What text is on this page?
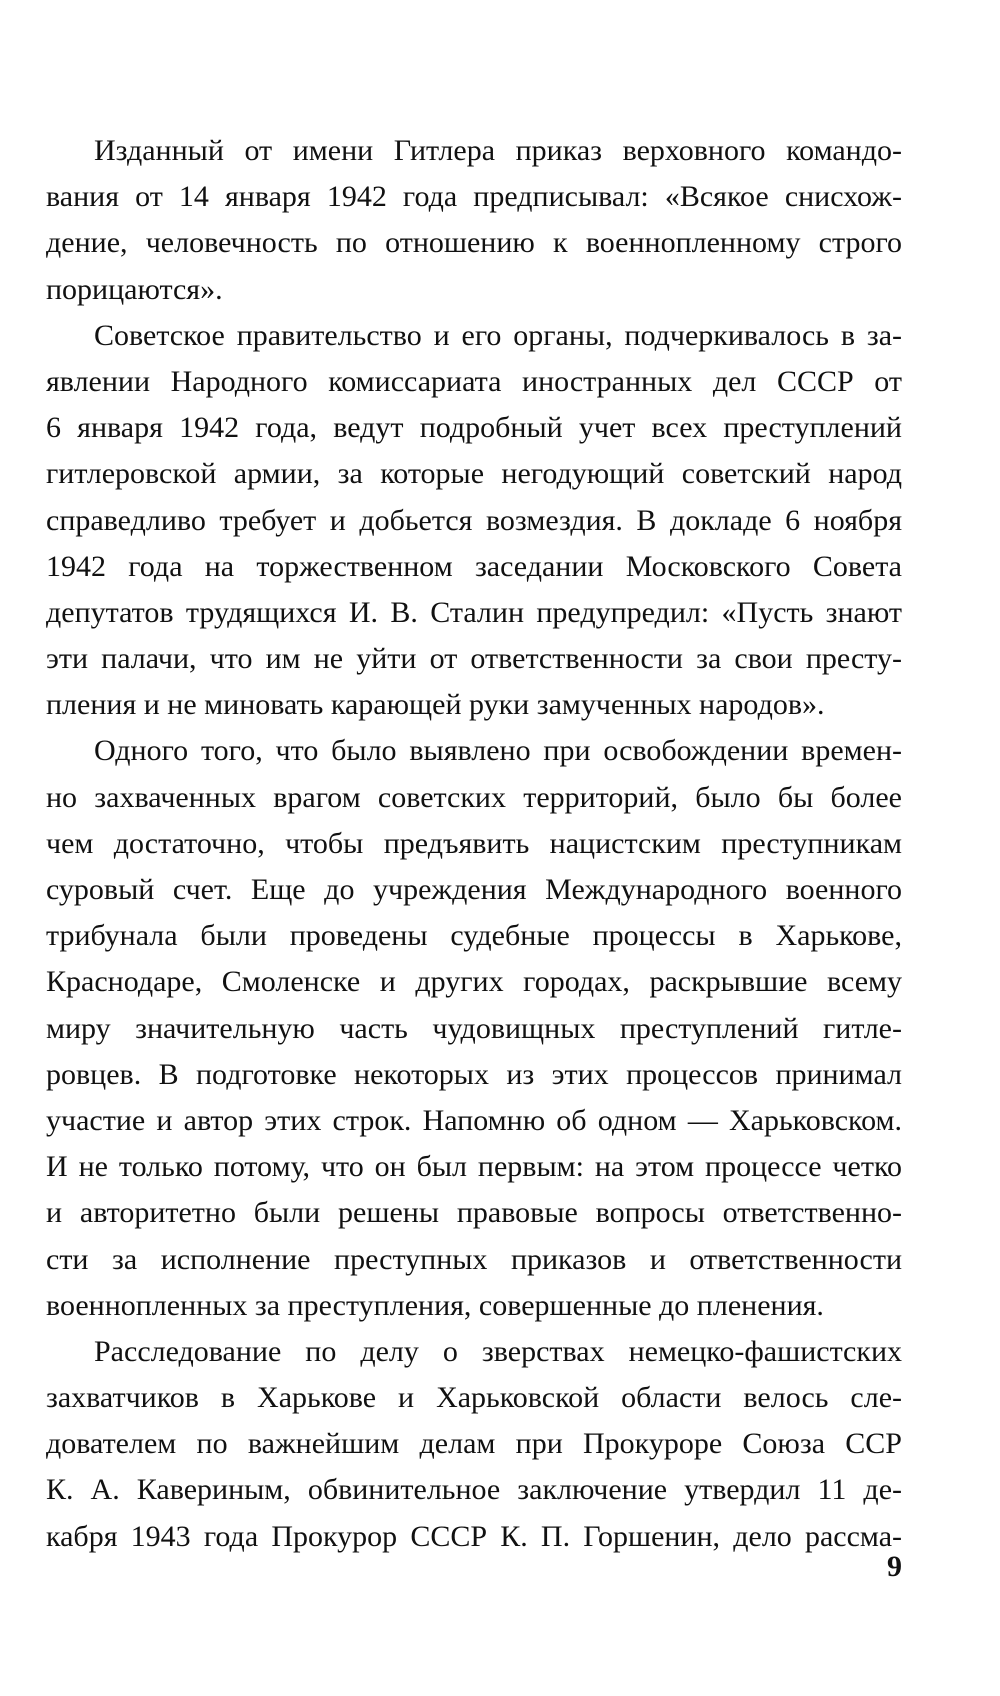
Изданный от имени Гитлера приказ верховного командо-
вания от 14 января 1942 года предписывал: «Всякое снисхож-
дение, человечность по отношению к военнопленному строго
порицаются».
Советское правительство и его органы, подчеркивалось в за-
явлении Народного комиссариата иностранных дел СССР от
6 января 1942 года, ведут подробный учет всех преступлений
гитлеровской армии, за которые негодующий советский народ
справедливо требует и добьется возмездия. В докладе 6 ноября
1942 года на торжественном заседании Московского Совета
депутатов трудящихся И. В. Сталин предупредил: «Пусть знают
эти палачи, что им не уйти от ответственности за свои престу-
пления и не миновать карающей руки замученных народов».
Одного того, что было выявлено при освобождении времен-
но захваченных врагом советских территорий, было бы более
чем достаточно, чтобы предъявить нацистским преступникам
суровый счет. Еще до учреждения Международного военного
трибунала были проведены судебные процессы в Харькове,
Краснодаре, Смоленске и других городах, раскрывшие всему
миру значительную часть чудовищных преступлений гитле-
ровцев. В подготовке некоторых из этих процессов принимал
участие и автор этих строк. Напомню об одном — Харьковском.
И не только потому, что он был первым: на этом процессе четко
и авторитетно были решены правовые вопросы ответственно-
сти за исполнение преступных приказов и ответственности
военнопленных за преступления, совершенные до пленения.
Расследование по делу о зверствах немецко-фашистских
захватчиков в Харькове и Харьковской области велось сле-
дователем по важнейшим делам при Прокуроре Союза ССР
К. А. Кавериным, обвинительное заключение утвердил 11 де-
кабря 1943 года Прокурор СССР К. П. Горшенин, дело рассма-
9
